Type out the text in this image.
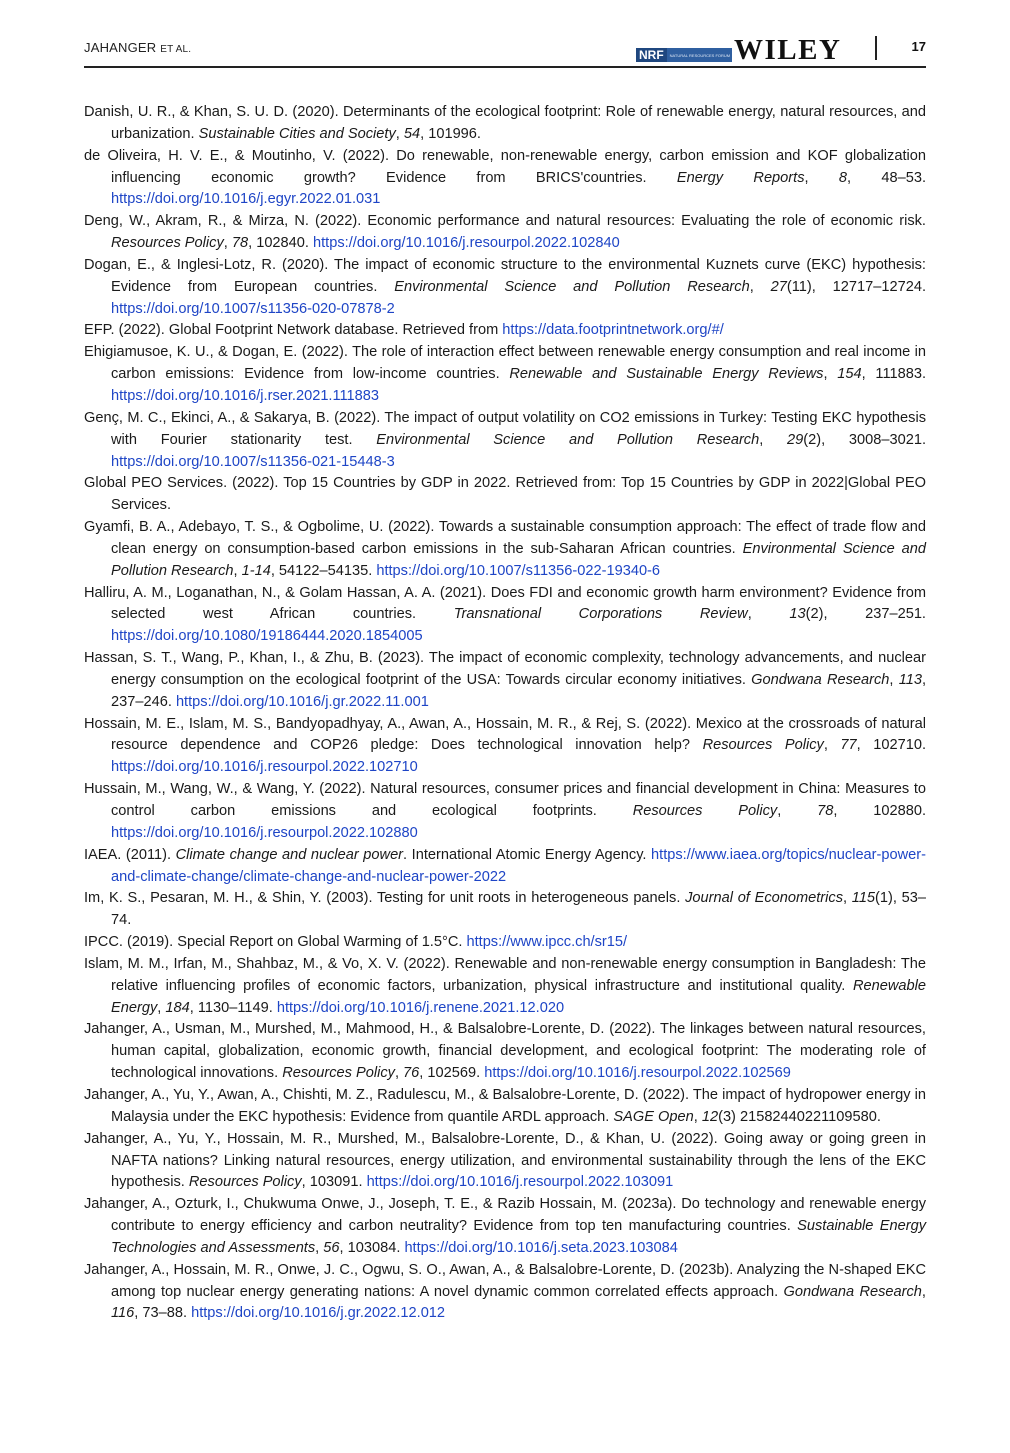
JAHANGER ET AL.	NRF	NATURAL RESOURCES FORUM WILEY	17

Danish, U. R., & Khan, S. U. D. (2020). Determinants of the ecological footprint: Role of renewable energy, natural resources, and urbanization. Sustainable Cities and Society, 54, 101996.

de Oliveira, H. V. E., & Moutinho, V. (2022). Do renewable, non-renewable energy, carbon emission and KOF globalization influencing economic growth? Evidence from BRICS'countries. Energy Reports, 8, 48–53. https://doi.org/10.1016/j.egyr.2022.01.031

Deng, W., Akram, R., & Mirza, N. (2022). Economic performance and natural resources: Evaluating the role of economic risk. Resources Policy, 78, 102840. https://doi.org/10.1016/j.resourpol.2022.102840

Dogan, E., & Inglesi-Lotz, R. (2020). The impact of economic structure to the environmental Kuznets curve (EKC) hypothesis: Evidence from European countries. Environmental Science and Pollution Research, 27(11), 12717–12724. https://doi.org/10.1007/s11356-020-07878-2

EFP. (2022). Global Footprint Network database. Retrieved from https://data.footprintnetwork.org/#/

Ehigiamusoe, K. U., & Dogan, E. (2022). The role of interaction effect between renewable energy consumption and real income in carbon emissions: Evidence from low-income countries. Renewable and Sustainable Energy Reviews, 154, 111883. https://doi.org/10.1016/j.rser.2021.111883

Genç, M. C., Ekinci, A., & Sakarya, B. (2022). The impact of output volatility on CO2 emissions in Turkey: Testing EKC hypothesis with Fourier stationarity test. Environmental Science and Pollution Research, 29(2), 3008–3021. https://doi.org/10.1007/s11356-021-15448-3

Global PEO Services. (2022). Top 15 Countries by GDP in 2022. Retrieved from: Top 15 Countries by GDP in 2022|Global PEO Services.

Gyamfi, B. A., Adebayo, T. S., & Ogbolime, U. (2022). Towards a sustainable consumption approach: The effect of trade flow and clean energy on consumption-based carbon emissions in the sub-Saharan African countries. Environmental Science and Pollution Research, 1-14, 54122–54135. https://doi.org/10.1007/s11356-022-19340-6

Halliru, A. M., Loganathan, N., & Golam Hassan, A. A. (2021). Does FDI and economic growth harm environment? Evidence from selected west African countries. Transnational Corporations Review, 13(2), 237–251. https://doi.org/10.1080/19186444.2020.1854005

Hassan, S. T., Wang, P., Khan, I., & Zhu, B. (2023). The impact of economic complexity, technology advancements, and nuclear energy consumption on the ecological footprint of the USA: Towards circular economy initiatives. Gondwana Research, 113, 237–246. https://doi.org/10.1016/j.gr.2022.11.001

Hossain, M. E., Islam, M. S., Bandyopadhyay, A., Awan, A., Hossain, M. R., & Rej, S. (2022). Mexico at the crossroads of natural resource dependence and COP26 pledge: Does technological innovation help? Resources Policy, 77, 102710. https://doi.org/10.1016/j.resourpol.2022.102710

Hussain, M., Wang, W., & Wang, Y. (2022). Natural resources, consumer prices and financial development in China: Measures to control carbon emissions and ecological footprints. Resources Policy, 78, 102880. https://doi.org/10.1016/j.resourpol.2022.102880

IAEA. (2011). Climate change and nuclear power. International Atomic Energy Agency. https://www.iaea.org/topics/nuclear-power-and-climate-change/climate-change-and-nuclear-power-2022

Im, K. S., Pesaran, M. H., & Shin, Y. (2003). Testing for unit roots in heterogeneous panels. Journal of Econometrics, 115(1), 53–74.

IPCC. (2019). Special Report on Global Warming of 1.5°C. https://www.ipcc.ch/sr15/

Islam, M. M., Irfan, M., Shahbaz, M., & Vo, X. V. (2022). Renewable and non-renewable energy consumption in Bangladesh: The relative influencing profiles of economic factors, urbanization, physical infrastructure and institutional quality. Renewable Energy, 184, 1130–1149. https://doi.org/10.1016/j.renene.2021.12.020

Jahanger, A., Usman, M., Murshed, M., Mahmood, H., & Balsalobre-Lorente, D. (2022). The linkages between natural resources, human capital, globalization, economic growth, financial development, and ecological footprint: The moderating role of technological innovations. Resources Policy, 76, 102569. https://doi.org/10.1016/j.resourpol.2022.102569

Jahanger, A., Yu, Y., Awan, A., Chishti, M. Z., Radulescu, M., & Balsalobre-Lorente, D. (2022). The impact of hydropower energy in Malaysia under the EKC hypothesis: Evidence from quantile ARDL approach. SAGE Open, 12(3) 21582440221109580.

Jahanger, A., Yu, Y., Hossain, M. R., Murshed, M., Balsalobre-Lorente, D., & Khan, U. (2022). Going away or going green in NAFTA nations? Linking natural resources, energy utilization, and environmental sustainability through the lens of the EKC hypothesis. Resources Policy, 103091. https://doi.org/10.1016/j.resourpol.2022.103091

Jahanger, A., Ozturk, I., Chukwuma Onwe, J., Joseph, T. E., & Razib Hossain, M. (2023a). Do technology and renewable energy contribute to energy efficiency and carbon neutrality? Evidence from top ten manufacturing countries. Sustainable Energy Technologies and Assessments, 56, 103084. https://doi.org/10.1016/j.seta.2023.103084

Jahanger, A., Hossain, M. R., Onwe, J. C., Ogwu, S. O., Awan, A., & Balsalobre-Lorente, D. (2023b). Analyzing the N-shaped EKC among top nuclear energy generating nations: A novel dynamic common correlated effects approach. Gondwana Research, 116, 73–88. https://doi.org/10.1016/j.gr.2022.12.012
